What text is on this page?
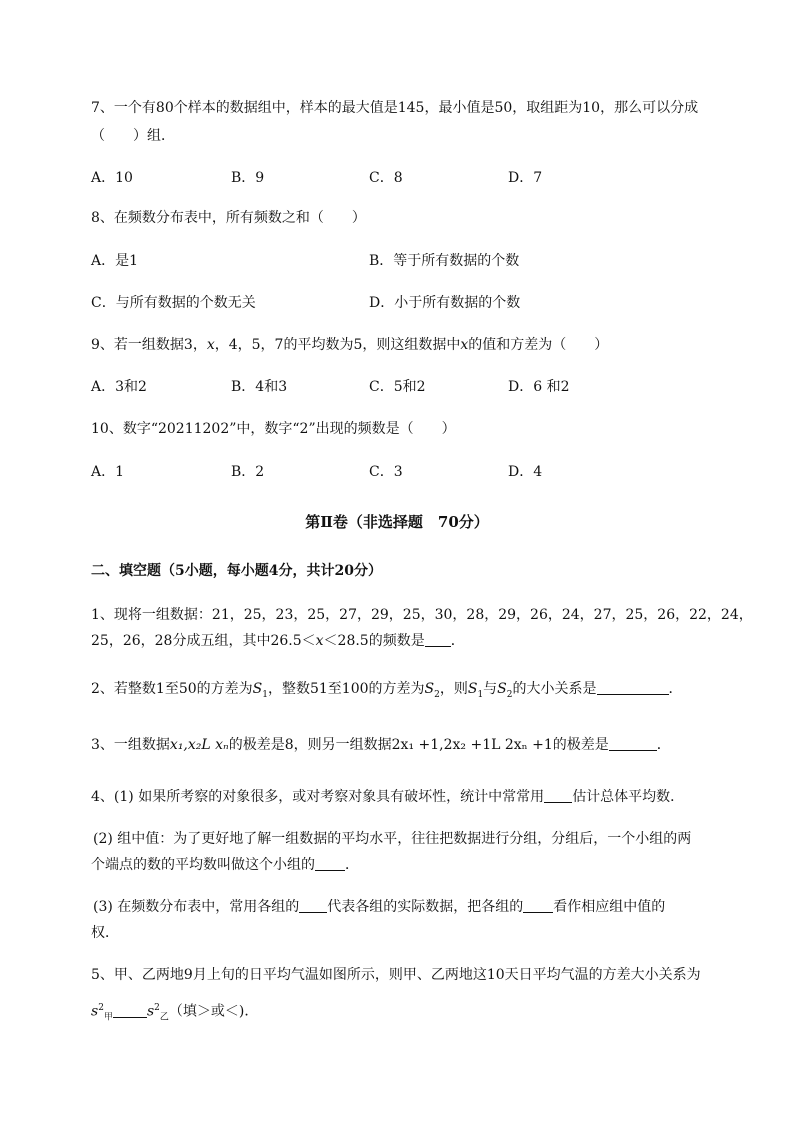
7、一个有80个样本的数据组中，样本的最大值是145，最小值是50，取组距为10，那么可以分成
（　　）组．
A．10	B．9	C．8	D．7
8、在频数分布表中，所有频数之和（　　）
A．是1	B．等于所有数据的个数
C．与所有数据的个数无关	D．小于所有数据的个数
9、若一组数据3，x，4，5，7的平均数为5，则这组数据中x的值和方差为（　　）
A．3和2	B．4和3	C．5和2	D．6 和2
10、数字“20211202”中，数字“2”出现的频数是（　　）
A．1	B．2	C．3	D．4
第Ⅱ卷（非选择题　70分）
二、填空题（5小题，每小题4分，共计20分）
1、现将一组数据：21，25，23，25，27，29，25，30，28，29，26，24，27，25，26，22，24，
25，26，28分成五组，其中26.5＜x＜28.5的频数是 ．
2、若整数1至50的方差为$S_1$，整数51至100的方差为$S_2$，则$S_1$与$S_2$的大小关系是	．
3、一组数据x₁,x₂L xₙ的极差是8，则另一组数据2x₁ +1,2x₂ +1L 2xₙ +1的极差是	．
4、(1) 如果所考察的对象很多，或对考察对象具有破坏性，统计中常常用 估计总体平均数．
(2) 组中值：为了更好地了解一组数据的平均水平，往往把数据进行分组，分组后，一个小组的两
个端点的数的平均数叫做这个小组的 ．
(3) 在频数分布表中，常用各组的 代表各组的实际数据，把各组的 看作相应组中值的
权．
5、甲、乙两地9月上旬的日平均气温如图所示，则甲、乙两地这10天日平均气温的方差大小关系为
$s^2_甲$ $s^2_乙$（填＞或＜)．
